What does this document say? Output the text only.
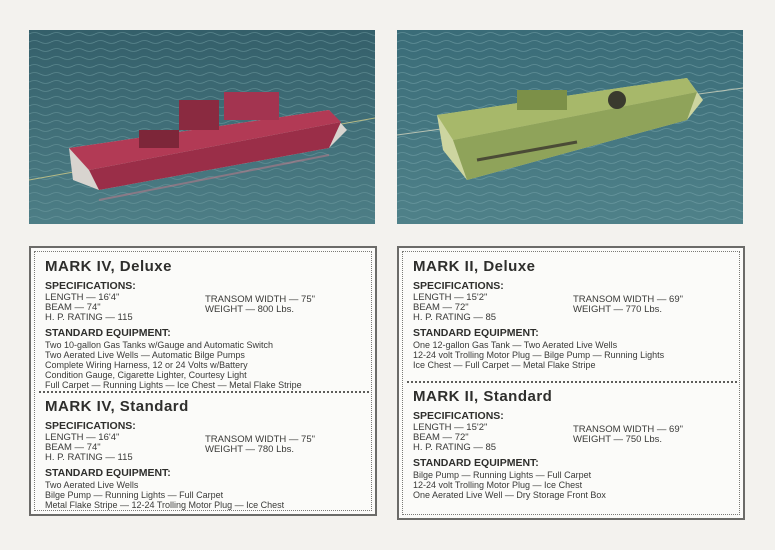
MARK IV, Deluxe
SPECIFICATIONS:
LENGTH — 16'4"
BEAM — 74"
H. P. RATING — 115
TRANSOM WIDTH — 75"
WEIGHT — 800 Lbs.
STANDARD EQUIPMENT:
Two 10-gallon Gas Tanks w/Gauge and Automatic Switch
Two Aerated Live Wells — Automatic Bilge Pumps
Complete Wiring Harness, 12 or 24 Volts w/Battery
Condition Gauge, Cigarette Lighter, Courtesy Light
Full Carpet — Running Lights — Ice Chest — Metal Flake Stripe
MARK IV, Standard
SPECIFICATIONS:
LENGTH — 16'4"
BEAM — 74"
H. P. RATING — 115
TRANSOM WIDTH — 75"
WEIGHT — 780 Lbs.
STANDARD EQUIPMENT:
Two Aerated Live Wells
Bilge Pump — Running Lights — Full Carpet
Metal Flake Stripe — 12-24 Trolling Motor Plug — Ice Chest
MARK II, Deluxe
SPECIFICATIONS:
LENGTH — 15'2"
BEAM — 72"
H. P. RATING — 85
TRANSOM WIDTH — 69"
WEIGHT — 770 Lbs.
STANDARD EQUIPMENT:
One 12-gallon Gas Tank — Two Aerated Live Wells
12-24 volt Trolling Motor Plug — Bilge Pump — Running Lights
Ice Chest — Full Carpet — Metal Flake Stripe
MARK II, Standard
SPECIFICATIONS:
LENGTH — 15'2"
BEAM — 72"
H. P. RATING — 85
TRANSOM WIDTH — 69"
WEIGHT — 750 Lbs.
STANDARD EQUIPMENT:
Bilge Pump — Running Lights — Full Carpet
12-24 volt Trolling Motor Plug — Ice Chest
One Aerated Live Well — Dry Storage Front Box
